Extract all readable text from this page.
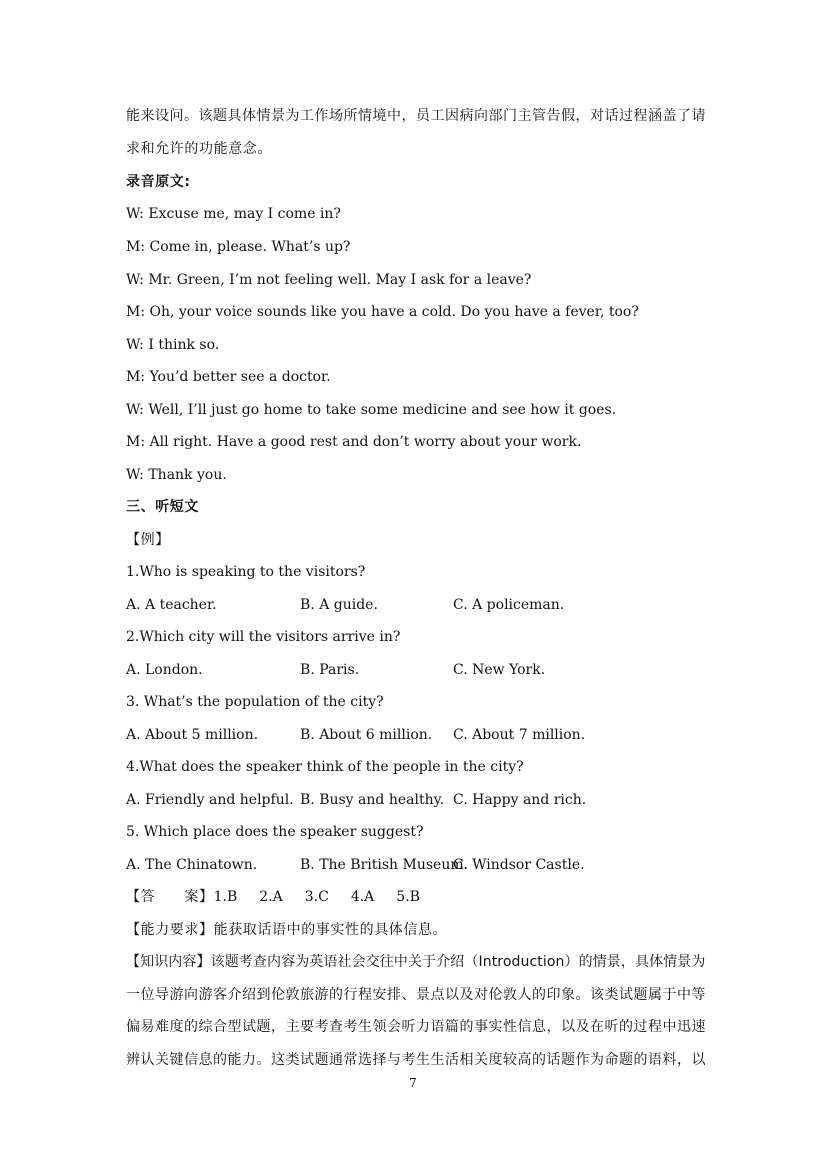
能来设问。该题具体情景为工作场所情境中，员工因病向部门主管告假，对话过程涵盖了请
求和允许的功能意念。
录音原文:
W: Excuse me, may I come in?
M: Come in, please. What’s up?
W: Mr. Green, I’m not feeling well. May I ask for a leave?
M: Oh, your voice sounds like you have a cold. Do you have a fever, too?
W: I think so.
M: You’d better see a doctor.
W: Well, I’ll just go home to take some medicine and see how it goes.
M: All right. Have a good rest and don’t worry about your work.
W: Thank you.
三、听短文
【例】
1.Who is speaking to the visitors?
A. A teacher.	B. A guide.	C. A policeman.
2.Which city will the visitors arrive in?
A. London.	B. Paris.	C. New York.
3. What’s the population of the city?
A. About 5 million.	B. About 6 million. C. About 7 million.
4.What does the speaker think of the people in the city?
A. Friendly and helpful. B. Busy and healthy. C. Happy and rich.
5. Which place does the speaker suggest?
A. The Chinatown.	B. The British Museum.
C. Windsor Castle.
【答　　案】1.B 2.A 3.C 4.A 5.B
【能力要求】能获取话语中的事实性的具体信息。
【知识内容】该题考查内容为英语社会交往中关于介绍（Introduction）的情景，具体情景为
一位导游向游客介绍到伦敦旅游的行程安排、景点以及对伦敦人的印象。该类试题属于中等
偏易难度的综合型试题，主要考查考生领会听力语篇的事实性信息，以及在听的过程中迅速
辨认关键信息的能力。这类试题通常选择与考生生活相关度较高的话题作为命题的语料，以
7
